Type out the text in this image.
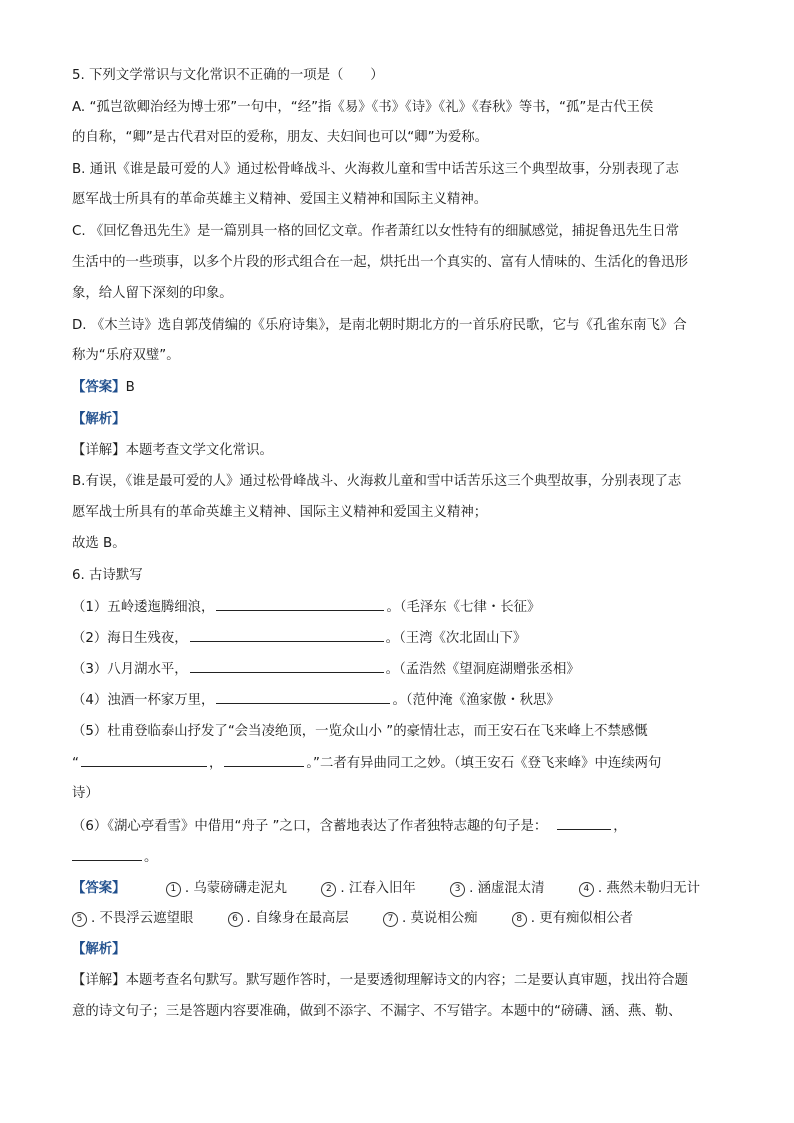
5. 下列文学常识与文化常识不正确的一项是（　　）
A. “孤岂欲卿治经为博士邪”一句中，“经”指《易》《书》《诗》《礼》《春秋》等书，“孤”是古代王侯
的自称，“卿”是古代君对臣的爱称，朋友、夫妇间也可以“卿”为爱称。
B. 通讯《谁是最可爱的人》通过松骨峰战斗、火海救儿童和雪中话苦乐这三个典型故事，分别表现了志
愿军战士所具有的革命英雄主义精神、爱国主义精神和国际主义精神。
C. 《回忆鲁迅先生》是一篇别具一格的回忆文章。作者萧红以女性特有的细腻感觉，捕捉鲁迅先生日常
生活中的一些琐事，以多个片段的形式组合在一起，烘托出一个真实的、富有人情味的、生活化的鲁迅形
象，给人留下深刻的印象。
D. 《木兰诗》选自郭茂倩编的《乐府诗集》，是南北朝时期北方的一首乐府民歌，它与《孔雀东南飞》合
称为“乐府双璧”。
【答案】B
【解析】
【详解】本题考查文学文化常识。
B.有误，《谁是最可爱的人》通过松骨峰战斗、火海救儿童和雪中话苦乐这三个典型故事，分别表现了志
愿军战士所具有的革命英雄主义精神、国际主义精神和爱国主义精神；
故选 B。
6. 古诗默写
（1）五岭逶迤腾细浪，	。（毛泽东《七律・长征》
（2）海日生残夜，	。（王湾《次北固山下》
（3）八月湖水平，	。（孟浩然《望洞庭湖赠张丞相》
（4）浊酒一杯家万里，	。（范仲淹《渔家傲・秋思》
（5）杜甫登临泰山抒发了“会当凌绝顶，一览众山小 ”的豪情壮志，而王安石在飞来峰上不禁感慨
“	，	。”二者有异曲同工之妙。（填王安石《登飞来峰》中连续两句
诗）
（6）《湖心亭看雪》中借用“舟子 ”之口，含蓄地表达了作者独特志趣的句子是：	，
。
【答案】	1 . 乌蒙磅礴走泥丸	2 . 江春入旧年	3 . 涵虚混太清	4 . 燕然未勒归无计
5 . 不畏浮云遮望眼	6 . 自缘身在最高层	7 . 莫说相公痴	8 . 更有痴似相公者
【解析】
【详解】本题考查名句默写。默写题作答时，一是要透彻理解诗文的内容；二是要认真审题，找出符合题
意的诗文句子；三是答题内容要准确，做到不添字、不漏字、不写错字。本题中的“磅礴、涵、燕、勒、
